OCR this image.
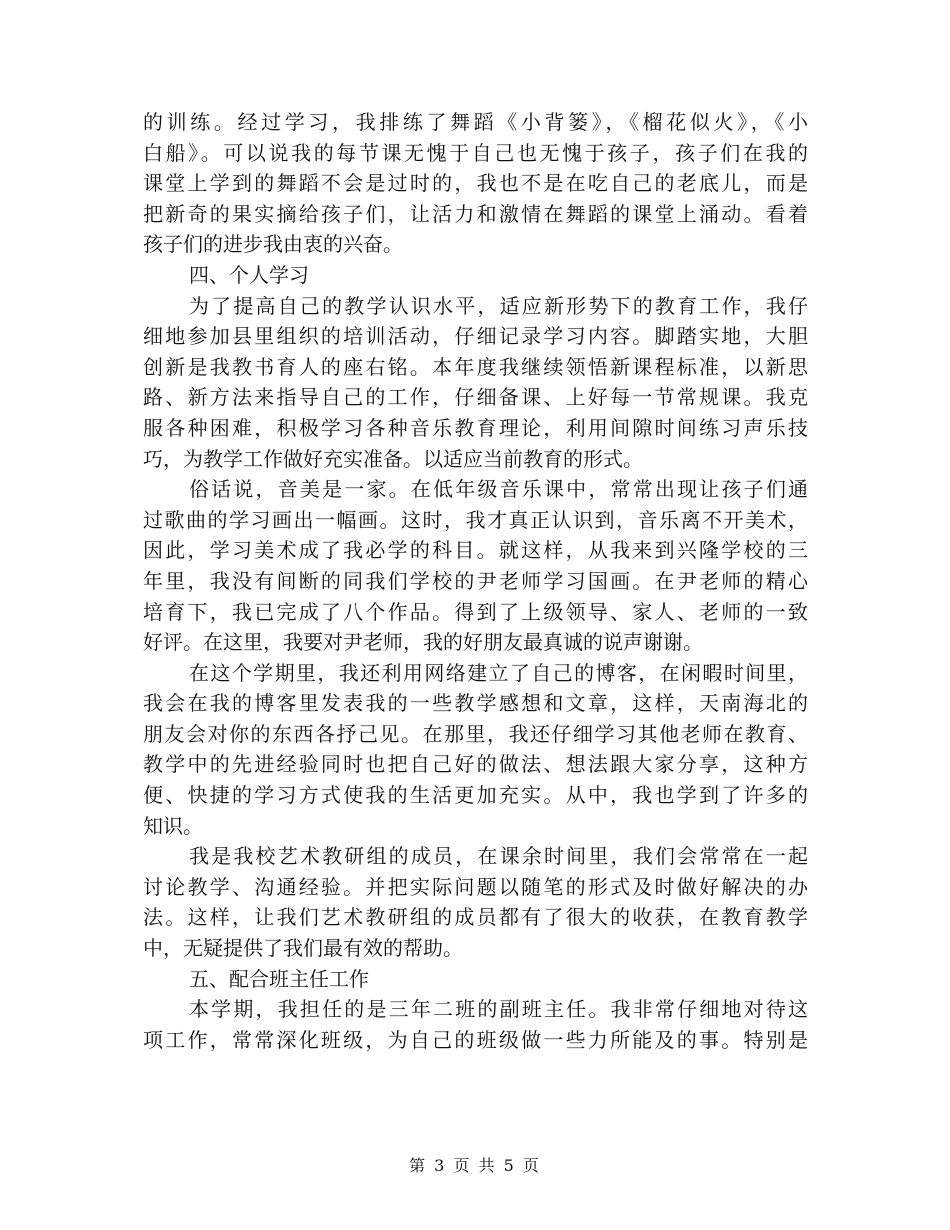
的训练。经过学习，我排练了舞蹈《小背篓》，《榴花似火》，《小
白船》。可以说我的每节课无愧于自己也无愧于孩子，孩子们在我的
课堂上学到的舞蹈不会是过时的，我也不是在吃自己的老底儿，而是
把新奇的果实摘给孩子们，让活力和激情在舞蹈的课堂上涌动。看着
孩子们的进步我由衷的兴奋。
四、个人学习
为了提高自己的教学认识水平，适应新形势下的教育工作，我仔
细地参加县里组织的培训活动，仔细记录学习内容。脚踏实地，大胆
创新是我教书育人的座右铭。本年度我继续领悟新课程标准，以新思
路、新方法来指导自己的工作，仔细备课、上好每一节常规课。我克
服各种困难，积极学习各种音乐教育理论，利用间隙时间练习声乐技
巧，为教学工作做好充实准备。以适应当前教育的形式。
俗话说，音美是一家。在低年级音乐课中，常常出现让孩子们通
过歌曲的学习画出一幅画。这时，我才真正认识到，音乐离不开美术，
因此，学习美术成了我必学的科目。就这样，从我来到兴隆学校的三
年里，我没有间断的同我们学校的尹老师学习国画。在尹老师的精心
培育下，我已完成了八个作品。得到了上级领导、家人、老师的一致
好评。在这里，我要对尹老师，我的好朋友最真诚的说声谢谢。
在这个学期里，我还利用网络建立了自己的博客，在闲暇时间里，
我会在我的博客里发表我的一些教学感想和文章，这样，天南海北的
朋友会对你的东西各抒己见。在那里，我还仔细学习其他老师在教育、
教学中的先进经验同时也把自己好的做法、想法跟大家分享，这种方
便、快捷的学习方式使我的生活更加充实。从中，我也学到了许多的
知识。
我是我校艺术教研组的成员，在课余时间里，我们会常常在一起
讨论教学、沟通经验。并把实际问题以随笔的形式及时做好解决的办
法。这样，让我们艺术教研组的成员都有了很大的收获，在教育教学
中，无疑提供了我们最有效的帮助。
五、配合班主任工作
本学期，我担任的是三年二班的副班主任。我非常仔细地对待这
项工作，常常深化班级，为自己的班级做一些力所能及的事。特别是
第 3 页 共 5 页
